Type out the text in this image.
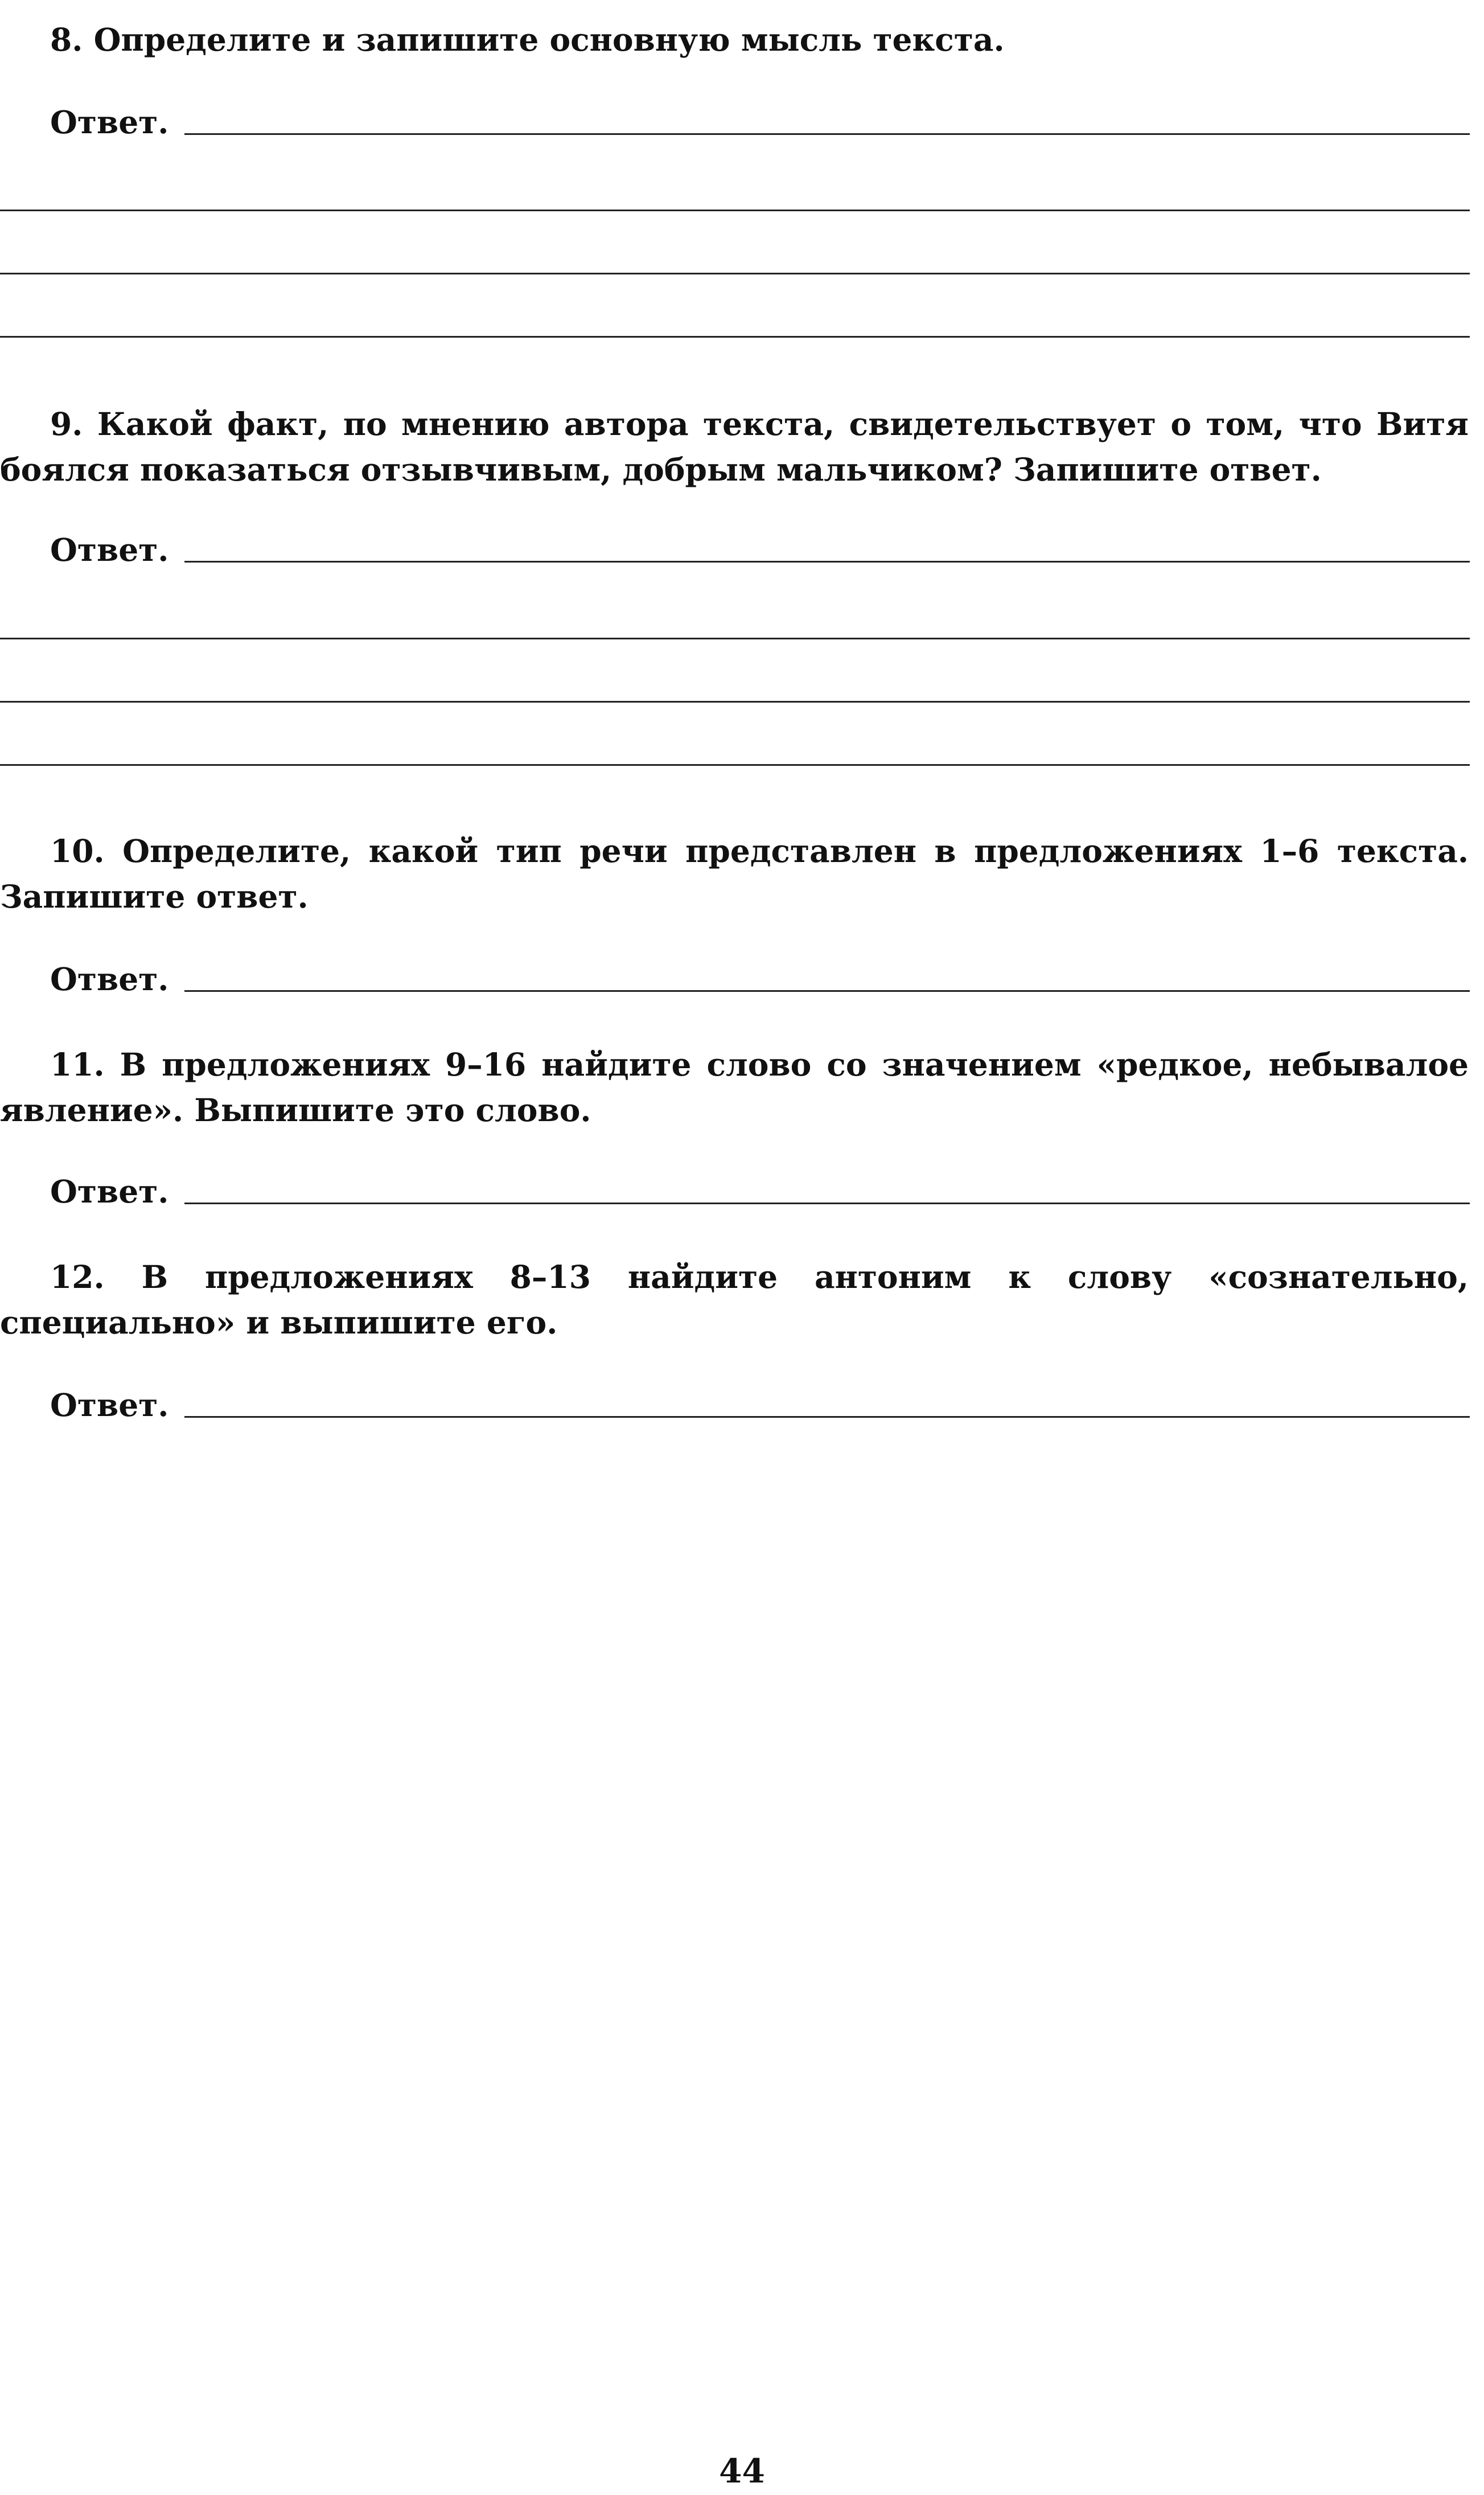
8. Определите и запишите основную мысль текста.

Ответ.

9. Какой факт, по мнению автора текста, свидетельствует о том, что Витя боялся показаться отзывчивым, добрым мальчиком? Запишите ответ.

Ответ.

10. Определите, какой тип речи представлен в предложениях 1–6 текста. Запишите ответ.

Ответ.

11. В предложениях 9–16 найдите слово со значением «редкое, небывалое явление». Выпишите это слово.

Ответ.

12. В предложениях 8–13 найдите антоним к слову «сознательно, специально» и выпишите его.

Ответ.
44
